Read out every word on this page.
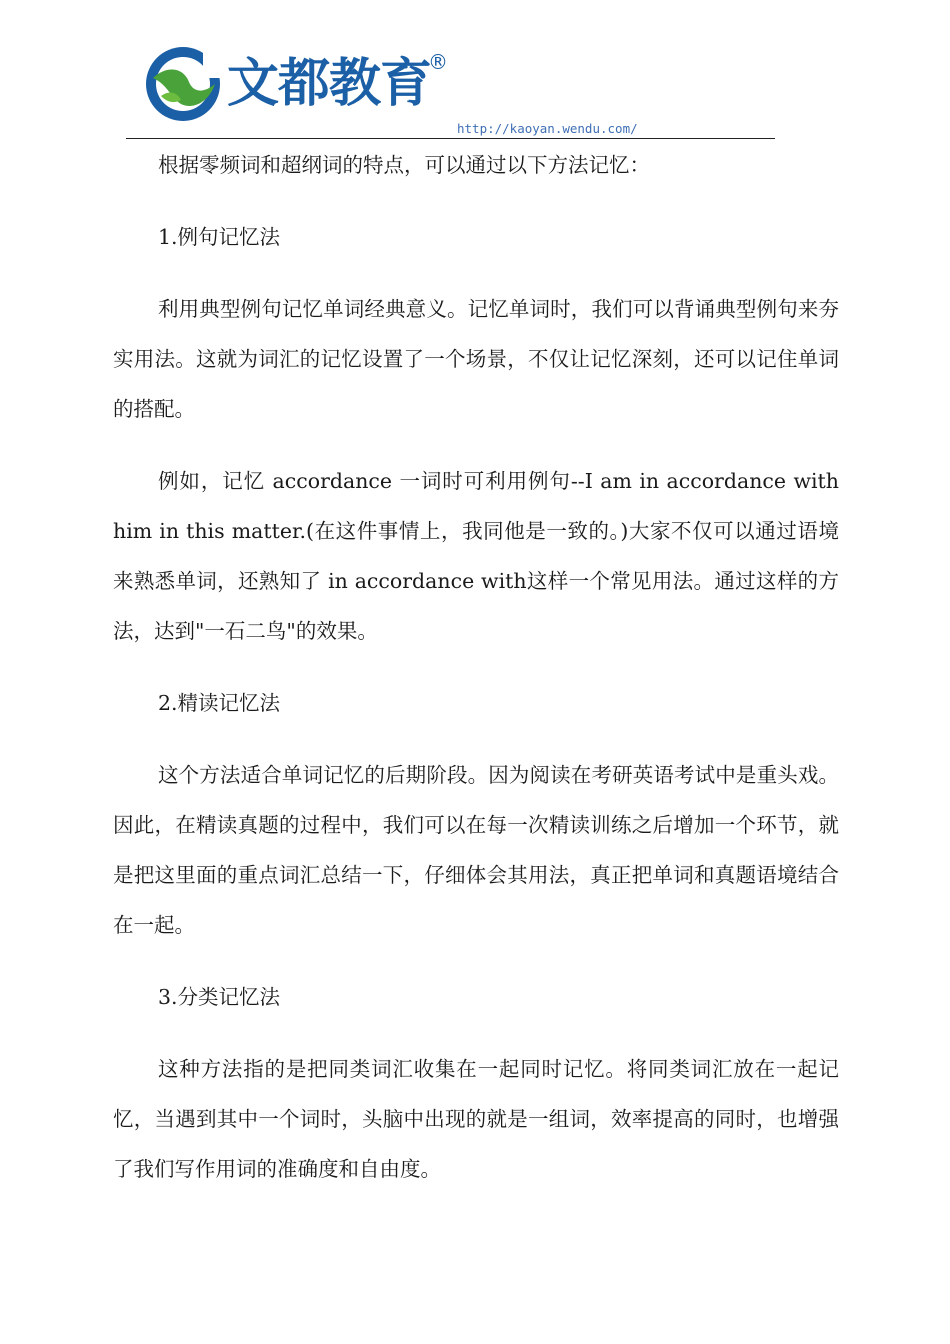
文都教育
®
http://kaoyan.wendu.com/

根据零频词和超纲词的特点，可以通过以下方法记忆：

1.例句记忆法

利用典型例句记忆单词经典意义。记忆单词时，我们可以背诵典型例句来夯实用法。这就为词汇的记忆设置了一个场景，不仅让记忆深刻，还可以记住单词的搭配。

例如，记忆 accordance 一词时可利用例句--I am in accordance with him in this matter.(在这件事情上，我同他是一致的。)大家不仅可以通过语境来熟悉单词，还熟知了 in accordance with这样一个常见用法。通过这样的方法，达到"一石二鸟"的效果。

2.精读记忆法

这个方法适合单词记忆的后期阶段。因为阅读在考研英语考试中是重头戏。因此，在精读真题的过程中，我们可以在每一次精读训练之后增加一个环节，就是把这里面的重点词汇总结一下，仔细体会其用法，真正把单词和真题语境结合在一起。

3.分类记忆法

这种方法指的是把同类词汇收集在一起同时记忆。将同类词汇放在一起记忆，当遇到其中一个词时，头脑中出现的就是一组词，效率提高的同时，也增强了我们写作用词的准确度和自由度。
